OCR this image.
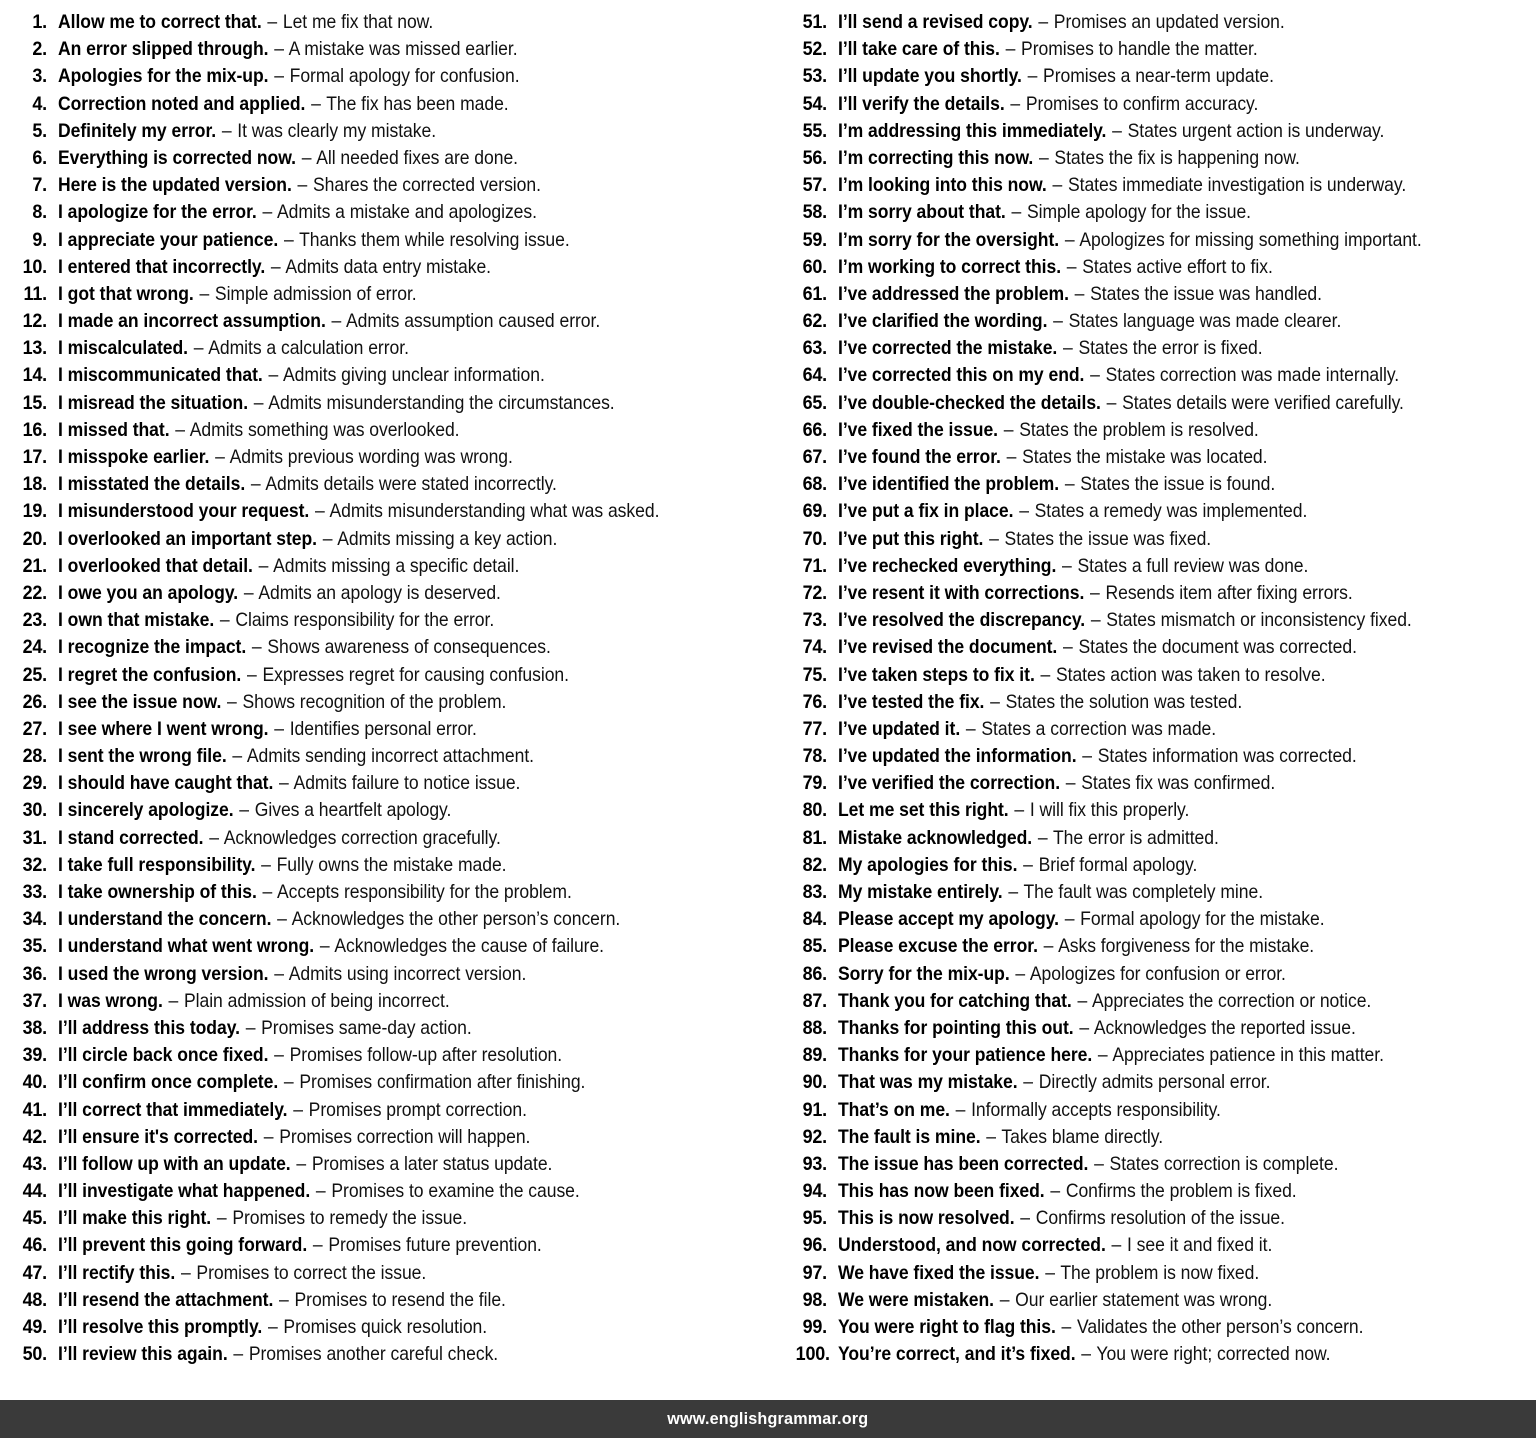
1. Allow me to correct that. – Let me fix that now.
2. An error slipped through. – A mistake was missed earlier.
3. Apologies for the mix-up. – Formal apology for confusion.
4. Correction noted and applied. – The fix has been made.
5. Definitely my error. – It was clearly my mistake.
6. Everything is corrected now. – All needed fixes are done.
7. Here is the updated version. – Shares the corrected version.
8. I apologize for the error. – Admits a mistake and apologizes.
9. I appreciate your patience. – Thanks them while resolving issue.
10. I entered that incorrectly. – Admits data entry mistake.
11. I got that wrong. – Simple admission of error.
12. I made an incorrect assumption. – Admits assumption caused error.
13. I miscalculated. – Admits a calculation error.
14. I miscommunicated that. – Admits giving unclear information.
15. I misread the situation. – Admits misunderstanding the circumstances.
16. I missed that. – Admits something was overlooked.
17. I misspoke earlier. – Admits previous wording was wrong.
18. I misstated the details. – Admits details were stated incorrectly.
19. I misunderstood your request. – Admits misunderstanding what was asked.
20. I overlooked an important step. – Admits missing a key action.
21. I overlooked that detail. – Admits missing a specific detail.
22. I owe you an apology. – Admits an apology is deserved.
23. I own that mistake. – Claims responsibility for the error.
24. I recognize the impact. – Shows awareness of consequences.
25. I regret the confusion. – Expresses regret for causing confusion.
26. I see the issue now. – Shows recognition of the problem.
27. I see where I went wrong. – Identifies personal error.
28. I sent the wrong file. – Admits sending incorrect attachment.
29. I should have caught that. – Admits failure to notice issue.
30. I sincerely apologize. – Gives a heartfelt apology.
31. I stand corrected. – Acknowledges correction gracefully.
32. I take full responsibility. – Fully owns the mistake made.
33. I take ownership of this. – Accepts responsibility for the problem.
34. I understand the concern. – Acknowledges the other person’s concern.
35. I understand what went wrong. – Acknowledges the cause of failure.
36. I used the wrong version. – Admits using incorrect version.
37. I was wrong. – Plain admission of being incorrect.
38. I’ll address this today. – Promises same-day action.
39. I’ll circle back once fixed. – Promises follow-up after resolution.
40. I’ll confirm once complete. – Promises confirmation after finishing.
41. I’ll correct that immediately. – Promises prompt correction.
42. I’ll ensure it's corrected. – Promises correction will happen.
43. I’ll follow up with an update. – Promises a later status update.
44. I’ll investigate what happened. – Promises to examine the cause.
45. I’ll make this right. – Promises to remedy the issue.
46. I’ll prevent this going forward. – Promises future prevention.
47. I’ll rectify this. – Promises to correct the issue.
48. I’ll resend the attachment. – Promises to resend the file.
49. I’ll resolve this promptly. – Promises quick resolution.
50. I’ll review this again. – Promises another careful check.
51. I’ll send a revised copy. – Promises an updated version.
52. I’ll take care of this. – Promises to handle the matter.
53. I’ll update you shortly. – Promises a near-term update.
54. I’ll verify the details. – Promises to confirm accuracy.
55. I’m addressing this immediately. – States urgent action is underway.
56. I’m correcting this now. – States the fix is happening now.
57. I’m looking into this now. – States immediate investigation is underway.
58. I’m sorry about that. – Simple apology for the issue.
59. I’m sorry for the oversight. – Apologizes for missing something important.
60. I’m working to correct this. – States active effort to fix.
61. I’ve addressed the problem. – States the issue was handled.
62. I’ve clarified the wording. – States language was made clearer.
63. I’ve corrected the mistake. – States the error is fixed.
64. I’ve corrected this on my end. – States correction was made internally.
65. I’ve double-checked the details. – States details were verified carefully.
66. I’ve fixed the issue. – States the problem is resolved.
67. I’ve found the error. – States the mistake was located.
68. I’ve identified the problem. – States the issue is found.
69. I’ve put a fix in place. – States a remedy was implemented.
70. I’ve put this right. – States the issue was fixed.
71. I’ve rechecked everything. – States a full review was done.
72. I’ve resent it with corrections. – Resends item after fixing errors.
73. I’ve resolved the discrepancy. – States mismatch or inconsistency fixed.
74. I’ve revised the document. – States the document was corrected.
75. I’ve taken steps to fix it. – States action was taken to resolve.
76. I’ve tested the fix. – States the solution was tested.
77. I’ve updated it. – States a correction was made.
78. I’ve updated the information. – States information was corrected.
79. I’ve verified the correction. – States fix was confirmed.
80. Let me set this right. – I will fix this properly.
81. Mistake acknowledged. – The error is admitted.
82. My apologies for this. – Brief formal apology.
83. My mistake entirely. – The fault was completely mine.
84. Please accept my apology. – Formal apology for the mistake.
85. Please excuse the error. – Asks forgiveness for the mistake.
86. Sorry for the mix-up. – Apologizes for confusion or error.
87. Thank you for catching that. – Appreciates the correction or notice.
88. Thanks for pointing this out. – Acknowledges the reported issue.
89. Thanks for your patience here. – Appreciates patience in this matter.
90. That was my mistake. – Directly admits personal error.
91. That’s on me. – Informally accepts responsibility.
92. The fault is mine. – Takes blame directly.
93. The issue has been corrected. – States correction is complete.
94. This has now been fixed. – Confirms the problem is fixed.
95. This is now resolved. – Confirms resolution of the issue.
96. Understood, and now corrected. – I see it and fixed it.
97. We have fixed the issue. – The problem is now fixed.
98. We were mistaken. – Our earlier statement was wrong.
99. You were right to flag this. – Validates the other person’s concern.
100. You’re correct, and it’s fixed. – You were right; corrected now.
www.englishgrammar.org
